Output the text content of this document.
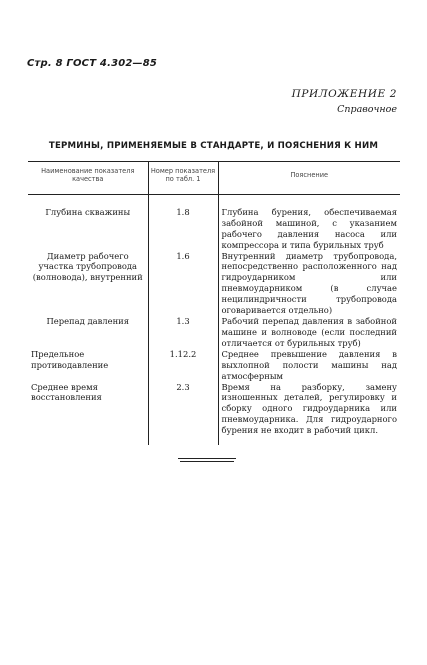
Стр. 8 ГОСТ 4.302—85
ПРИЛОЖЕНИЕ 2
Справочное
ТЕРМИНЫ, ПРИМЕНЯЕМЫЕ В СТАНДАРТЕ, И ПОЯСНЕНИЯ К НИМ
Наименование показателя качества	Номер показателя по табл. 1	Пояснение
Глубина скважины	1.8	Глубина бурения, обеспечиваемая забойной машиной, с указанием рабочего давления насоса или компрессора и типа бурильных труб
Диаметр рабочего участка трубопровода (волновода), внутренний	1.6	Внутренний диаметр трубопровода, непосредственно расположенного над гидроударником или пневмоударником (в случае нецилиндричности трубопровода оговаривается отдельно)
Перепад давления	1.3	Рабочий перепад давления в забойной машине и волноводе (если последний отличается от бурильных труб)
Предельное противодавление	1.12.2	Среднее превышение давления в выхлопной полости машины над атмосферным
Среднее время восстановления	2.3	Время на разборку, замену изношенных деталей, регулировку и сборку одного гидроударника или пневмоударника. Для гидроударного бурения не входит в рабочий цикл.
